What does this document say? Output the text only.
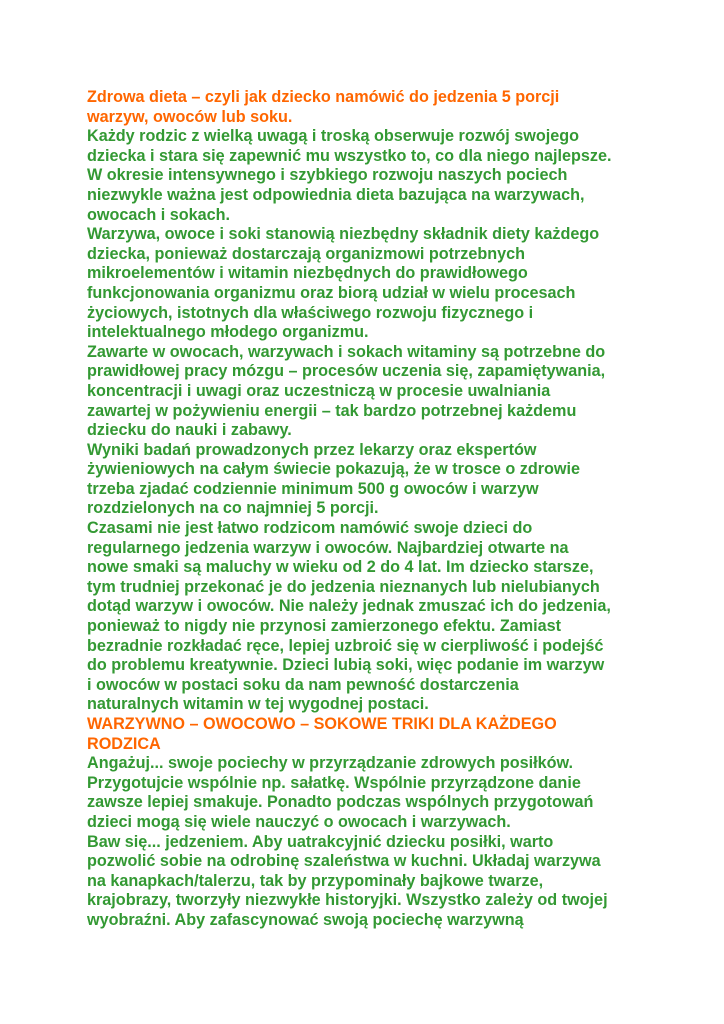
Zdrowa dieta – czyli jak dziecko namówić do jedzenia 5 porcji
warzyw, owoców lub soku.
Każdy rodzic z wielką uwagą i troską obserwuje rozwój swojego
dziecka i stara się zapewnić mu wszystko to, co dla niego najlepsze.
W okresie intensywnego i szybkiego rozwoju naszych pociech
niezwykle ważna jest odpowiednia dieta bazująca na warzywach,
owocach i sokach.
Warzywa, owoce i soki stanowią niezbędny składnik diety każdego
dziecka, ponieważ dostarczają organizmowi potrzebnych
mikroelementów i witamin niezbędnych do prawidłowego
funkcjonowania organizmu oraz biorą udział w wielu procesach
życiowych, istotnych dla właściwego rozwoju fizycznego i
intelektualnego młodego organizmu.
Zawarte w owocach, warzywach i sokach witaminy są potrzebne do
prawidłowej pracy mózgu – procesów uczenia się, zapamiętywania,
koncentracji i uwagi oraz uczestniczą w procesie uwalniania
zawartej w pożywieniu energii – tak bardzo potrzebnej każdemu
dziecku do nauki i zabawy.
Wyniki badań prowadzonych przez lekarzy oraz ekspertów
żywieniowych na całym świecie pokazują, że w trosce o zdrowie
trzeba zjadać codziennie minimum 500 g owoców i warzyw
rozdzielonych na co najmniej 5 porcji.
Czasami nie jest łatwo rodzicom namówić swoje dzieci do
regularnego jedzenia warzyw i owoców. Najbardziej otwarte na
nowe smaki są maluchy w wieku od 2 do 4 lat. Im dziecko starsze,
tym trudniej przekonać je do jedzenia nieznanych lub nielubianych
dotąd warzyw i owoców. Nie należy jednak zmuszać ich do jedzenia,
ponieważ to nigdy nie przynosi zamierzonego efektu. Zamiast
bezradnie rozkładać ręce, lepiej uzbroić się w cierpliwość i podejść
do problemu kreatywnie. Dzieci lubią soki, więc podanie im warzyw
i owoców w postaci soku da nam pewność dostarczenia
naturalnych witamin w tej wygodnej postaci.
WARZYWNO – OWOCOWO – SOKOWE TRIKI DLA KAŻDEGO
RODZICA
Angażuj... swoje pociechy w przyrządzanie zdrowych posiłków.
Przygotujcie wspólnie np. sałatkę. Wspólnie przyrządzone danie
zawsze lepiej smakuje. Ponadto podczas wspólnych przygotowań
dzieci mogą się wiele nauczyć o owocach i warzywach.
Baw się... jedzeniem. Aby uatrakcyjnić dziecku posiłki, warto
pozwolić sobie na odrobinę szaleństwa w kuchni. Układaj warzywa
na kanapkach/talerzu, tak by przypominały bajkowe twarze,
krajobrazy, tworzyły niezwykłe historyjki. Wszystko zależy od twojej
wyobraźni. Aby zafascynować swoją pociechę warzywną
